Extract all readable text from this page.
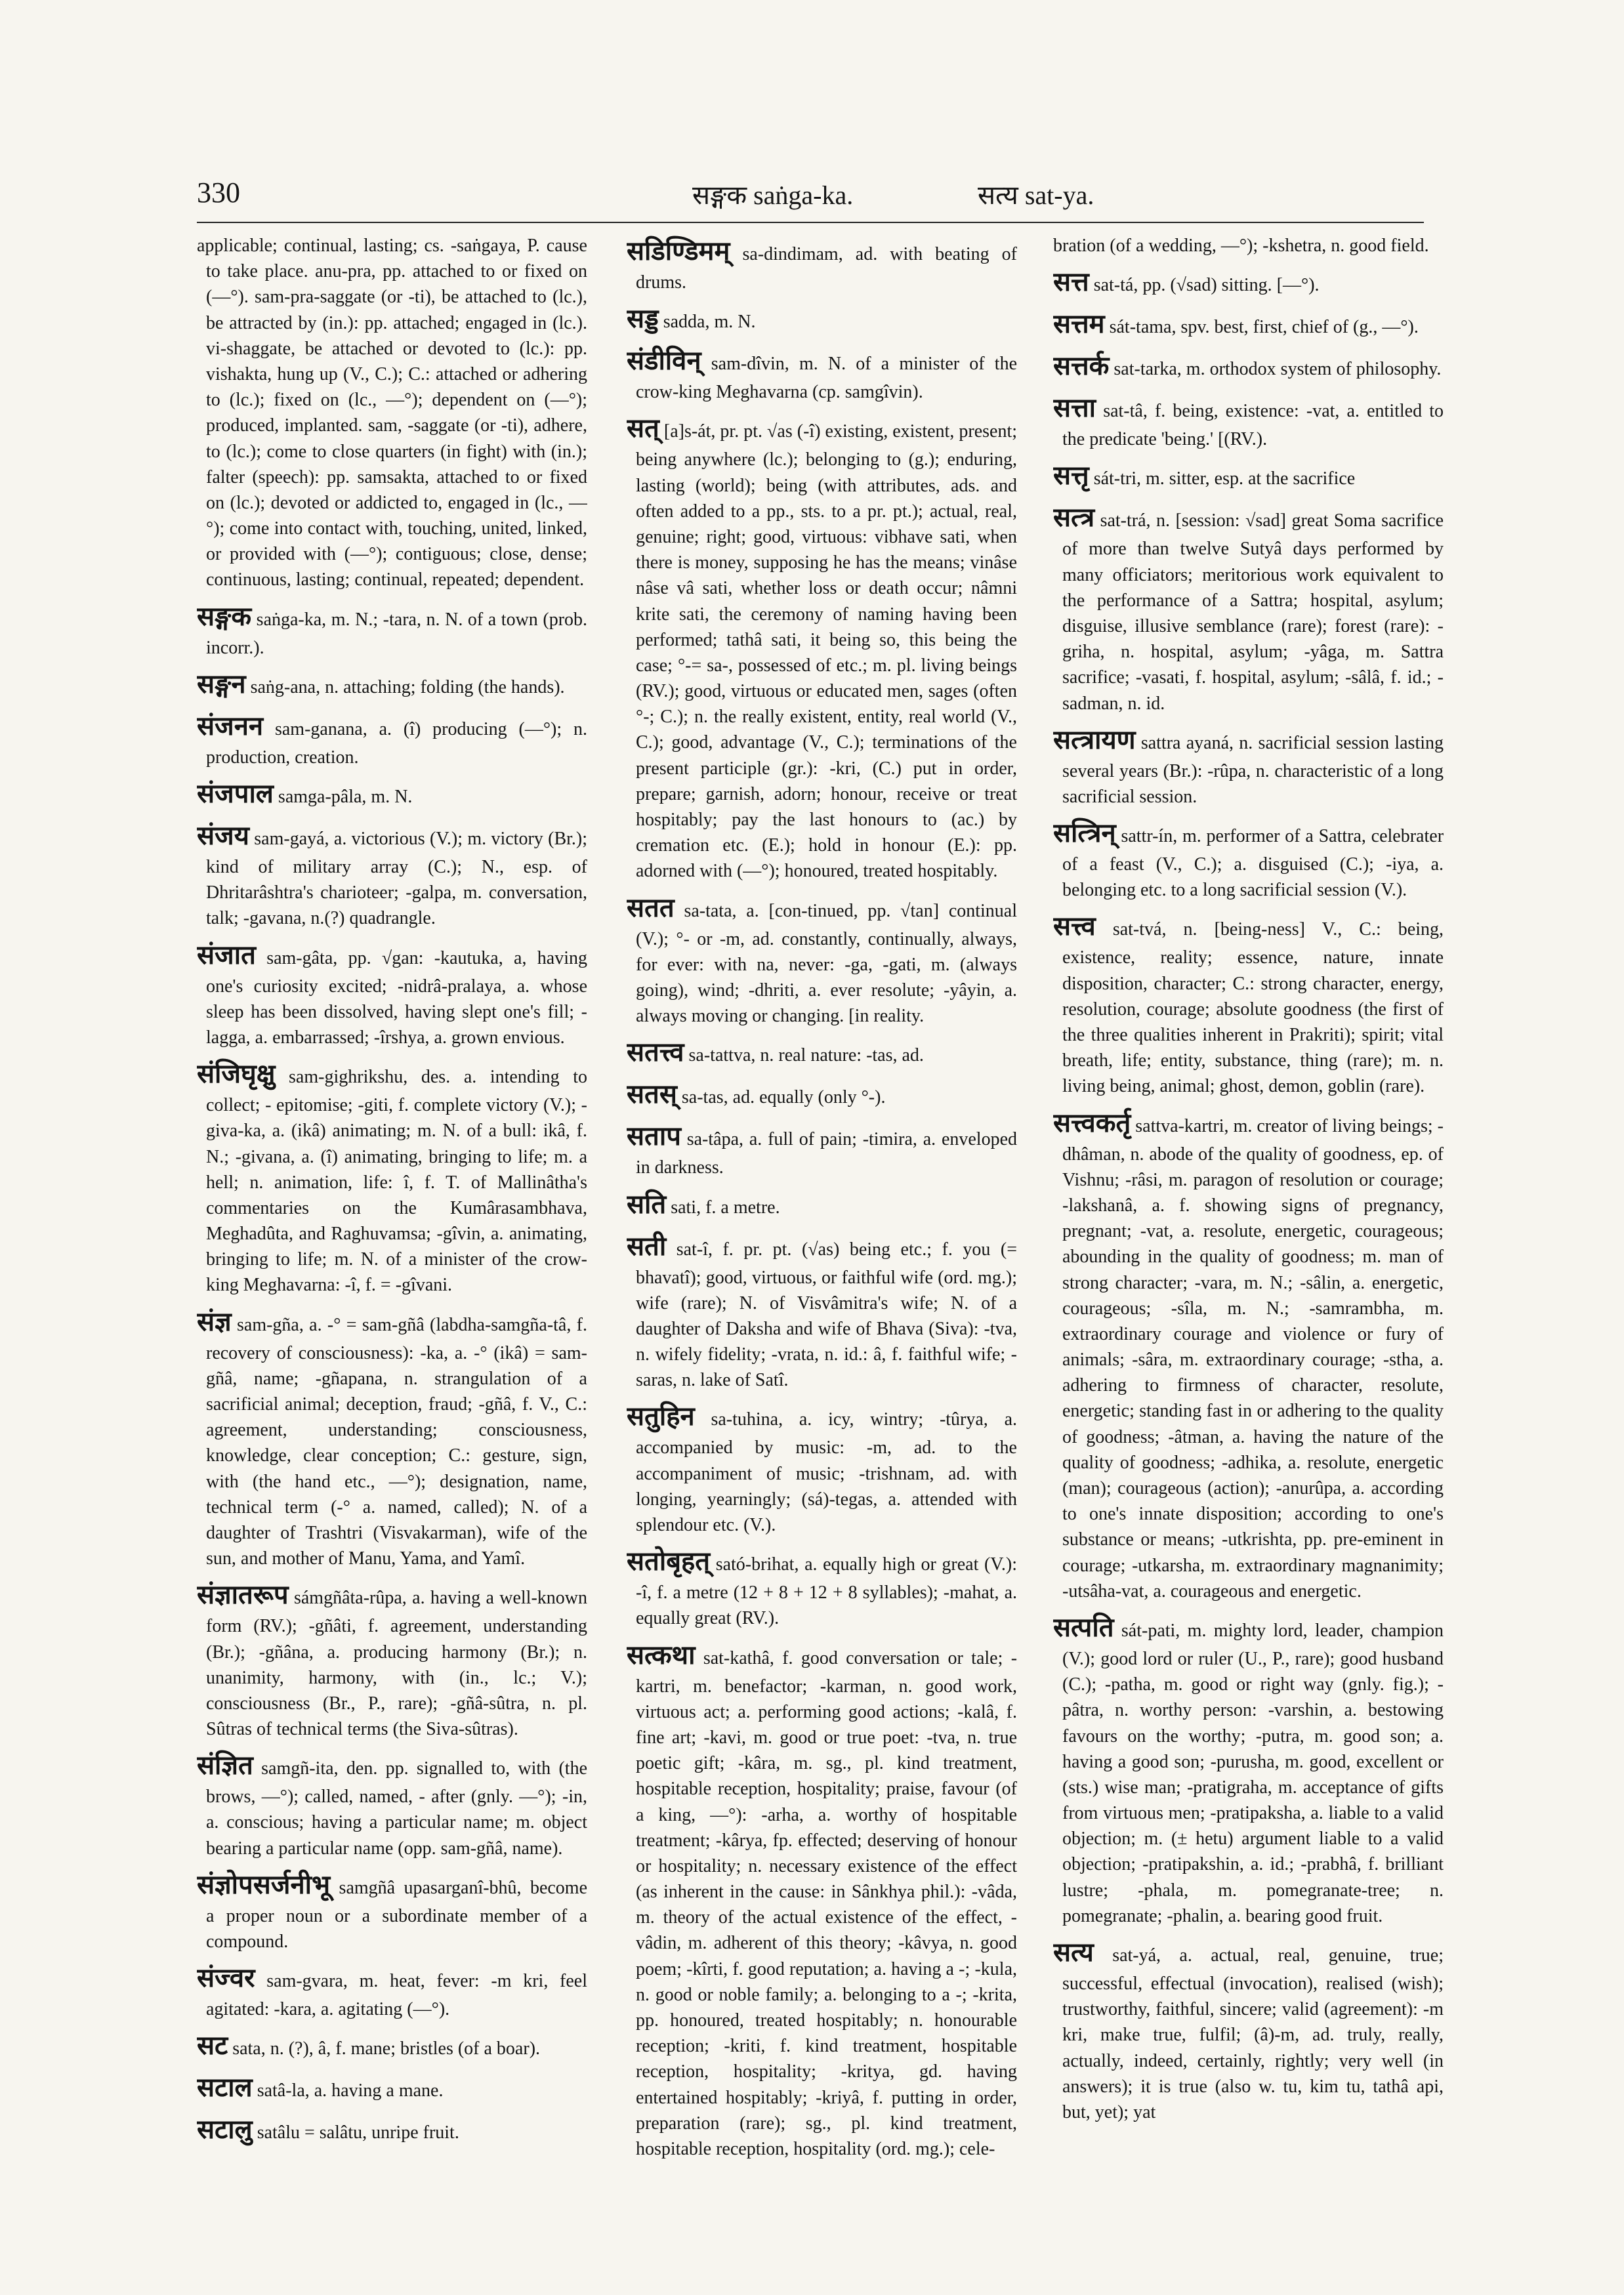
330	सङ्गक saṅga-ka.	सत्य sat-ya.

applicable; continual, lasting; cs. -saṅgaya, P. cause to take place. anu-pra, pp. attached to or fixed on (—°). sam-pra-saggate (or -ti), be attached to (lc.), be attracted by (in.): pp. attached; engaged in (lc.). vi-shaggate, be attached or devoted to (lc.): pp. vishakta, hung up (V., C.); C.: attached or adhering to (lc.); fixed on (lc., —°); dependent on (—°); produced, implanted. sam, -saggate (or -ti), adhere, to (lc.); come to close quarters (in fight) with (in.); falter (speech): pp. samsakta, attached to or fixed on (lc.); devoted or addicted to, engaged in (lc., —°); come into contact with, touching, united, linked, or provided with (—°); contiguous; close, dense; continuous, lasting; continual, repeated; dependent.

सङ्गक saṅga-ka, m. N.; -tara, n. N. of a town (prob. incorr.).

सङ्गन saṅg-ana, n. attaching; folding (the hands).

संजनन sam-ganana, a. (î) producing (—°); n. production, creation.

संजपाल samga-pâla, m. N.

संजय sam-gayá, a. victorious (V.); m. victory (Br.); kind of military array (C.); N., esp. of Dhritarâshtra's charioteer; -galpa, m. conversation, talk; -gavana, n.(?) quadrangle.

संजात sam-gâta, pp. √gan: -kautuka, a, having one's curiosity excited; -nidrâ-pralaya, a. whose sleep has been dissolved, having slept one's fill; -lagga, a. embarrassed; -îrshya, a. grown envious.

संजिघृक्षु sam-gighrikshu, des. a. intending to collect; - epitomise; -giti, f. complete victory (V.); -giva-ka, a. (ikâ) animating; m. N. of a bull: ikâ, f. N.; -givana, a. (î) animating, bringing to life; m. a hell; n. animation, life: î, f. T. of Mallinâtha's commentaries on the Kumârasambhava, Meghadûta, and Raghuvamsa; -gîvin, a. animating, bringing to life; m. N. of a minister of the crow-king Meghavarna: -î, f. = -gîvani.

संज्ञ sam-gña, a. -° = sam-gñâ (labdha-samgña-tâ, f. recovery of consciousness): -ka, a. -° (ikâ) = sam-gñâ, name; -gñapana, n. strangulation of a sacrificial animal; deception, fraud; -gñâ, f. V., C.: agreement, understanding; consciousness, knowledge, clear conception; C.: gesture, sign, with (the hand etc., —°); designation, name, technical term (-° a. named, called); N. of a daughter of Trashtri (Visvakarman), wife of the sun, and mother of Manu, Yama, and Yamî.

संज्ञातरूप sámgñâta-rûpa, a. having a well-known form (RV.); -gñâti, f. agreement, understanding (Br.); -gñâna, a. producing harmony (Br.); n. unanimity, harmony, with (in., lc.; V.); consciousness (Br., P., rare); -gñâ-sûtra, n. pl. Sûtras of technical terms (the Siva-sûtras).

संज्ञित samgñ-ita, den. pp. signalled to, with (the brows, —°); called, named, - after (gnly. —°); -in, a. conscious; having a particular name; m. object bearing a particular name (opp. sam-gñâ, name).

संज्ञोपसर्जनीभू samgñâ upasarganî-bhû, become a proper noun or a subordinate member of a compound.

संज्वर sam-gvara, m. heat, fever: -m kri, feel agitated: -kara, a. agitating (—°).

सट sata, n. (?), â, f. mane; bristles (of a boar).

सटाल satâ-la, a. having a mane.

सटालु satâlu = salâtu, unripe fruit.

सडिण्डिमम् sa-dindimam, ad. with beating of drums.

सड्ड sadda, m. N.

संडीविन् sam-dîvin, m. N. of a minister of the crow-king Meghavarna (cp. samgîvin).

सत् [a]s-át, pr. pt. √as (-î) existing, existent, present; being anywhere (lc.); belonging to (g.); enduring, lasting (world); being (with attributes, ads. and often added to a pp., sts. to a pr. pt.); actual, real, genuine; right; good, virtuous: vibhave sati, when there is money, supposing he has the means; vinâse nâse vâ sati, whether loss or death occur; nâmni krite sati, the ceremony of naming having been performed; tathâ sati, it being so, this being the case; °-= sa-, possessed of etc.; m. pl. living beings (RV.); good, virtuous or educated men, sages (often °-; C.); n. the really existent, entity, real world (V., C.); good, advantage (V., C.); terminations of the present participle (gr.): -kri, (C.) put in order, prepare; garnish, adorn; honour, receive or treat hospitably; pay the last honours to (ac.) by cremation etc. (E.); hold in honour (E.): pp. adorned with (—°); honoured, treated hospitably.

सतत sa-tata, a. [con-tinued, pp. √tan] continual (V.); °- or -m, ad. constantly, continually, always, for ever: with na, never: -ga, -gati, m. (always going), wind; -dhriti, a. ever resolute; -yâyin, a. always moving or changing. [in reality.

सतत्त्व sa-tattva, n. real nature: -tas, ad.

सतस् sa-tas, ad. equally (only °-).

सताप sa-tâpa, a. full of pain; -timira, a. enveloped in darkness.

सति sati, f. a metre.

सती sat-î, f. pr. pt. (√as) being etc.; f. you (= bhavatî); good, virtuous, or faithful wife (ord. mg.); wife (rare); N. of Visvâmitra's wife; N. of a daughter of Daksha and wife of Bhava (Siva): -tva, n. wifely fidelity; -vrata, n. id.: â, f. faithful wife; -saras, n. lake of Satî.

सतुहिन sa-tuhina, a. icy, wintry; -tûrya, a. accompanied by music: -m, ad. to the accompaniment of music; -trishnam, ad. with longing, yearningly; (sá)-tegas, a. attended with splendour etc. (V.).

सतोबृहत् sató-brihat, a. equally high or great (V.): -î, f. a metre (12 + 8 + 12 + 8 syllables); -mahat, a. equally great (RV.).

सत्कथा sat-kathâ, f. good conversation or tale; -kartri, m. benefactor; -karman, n. good work, virtuous act; a. performing good actions; -kalâ, f. fine art; -kavi, m. good or true poet: -tva, n. true poetic gift; -kâra, m. sg., pl. kind treatment, hospitable reception, hospitality; praise, favour (of a king, —°): -arha, a. worthy of hospitable treatment; -kârya, fp. effected; deserving of honour or hospitality; n. necessary existence of the effect (as inherent in the cause: in Sânkhya phil.): -vâda, m. theory of the actual existence of the effect, -vâdin, m. adherent of this theory; -kâvya, n. good poem; -kîrti, f. good reputation; a. having a -; -kula, n. good or noble family; a. belonging to a -; -krita, pp. honoured, treated hospitably; n. honourable reception; -kriti, f. kind treatment, hospitable reception, hospitality; -kritya, gd. having entertained hospitably; -kriyâ, f. putting in order, preparation (rare); sg., pl. kind treatment, hospitable reception, hospitality (ord. mg.); cele-

bration (of a wedding, —°); -kshetra, n. good field.

सत्त sat-tá, pp. (√sad) sitting. [—°).

सत्तम sát-tama, spv. best, first, chief of (g., —°).

सत्तर्क sat-tarka, m. orthodox system of philosophy.

सत्ता sat-tâ, f. being, existence: -vat, a. entitled to the predicate 'being.' [(RV.).

सत्तृ sát-tri, m. sitter, esp. at the sacrifice

सत्त्र sat-trá, n. [session: √sad] great Soma sacrifice of more than twelve Sutyâ days performed by many officiators; meritorious work equivalent to the performance of a Sattra; hospital, asylum; disguise, illusive semblance (rare); forest (rare): -griha, n. hospital, asylum; -yâga, m. Sattra sacrifice; -vasati, f. hospital, asylum; -sâlâ, f. id.; -sadman, n. id.

सत्त्रायण sattra ayaná, n. sacrificial session lasting several years (Br.): -rûpa, n. characteristic of a long sacrificial session.

सत्त्रिन् sattr-ín, m. performer of a Sattra, celebrater of a feast (V., C.); a. disguised (C.); -iya, a. belonging etc. to a long sacrificial session (V.).

सत्त्व sat-tvá, n. [being-ness] V., C.: being, existence, reality; essence, nature, innate disposition, character; C.: strong character, energy, resolution, courage; absolute goodness (the first of the three qualities inherent in Prakriti); spirit; vital breath, life; entity, substance, thing (rare); m. n. living being, animal; ghost, demon, goblin (rare).

सत्त्वकर्तृ sattva-kartri, m. creator of living beings; -dhâman, n. abode of the quality of goodness, ep. of Vishnu; -râsi, m. paragon of resolution or courage; -lakshanâ, a. f. showing signs of pregnancy, pregnant; -vat, a. resolute, energetic, courageous; abounding in the quality of goodness; m. man of strong character; -vara, m. N.; -sâlin, a. energetic, courageous; -sîla, m. N.; -samrambha, m. extraordinary courage and violence or fury of animals; -sâra, m. extraordinary courage; -stha, a. adhering to firmness of character, resolute, energetic; standing fast in or adhering to the quality of goodness; -âtman, a. having the nature of the quality of goodness; -adhika, a. resolute, energetic (man); courageous (action); -anurûpa, a. according to one's innate disposition; according to one's substance or means; -utkrishta, pp. pre-eminent in courage; -utkarsha, m. extraordinary magnanimity; -utsâha-vat, a. courageous and energetic.

सत्पति sát-pati, m. mighty lord, leader, champion (V.); good lord or ruler (U., P., rare); good husband (C.); -patha, m. good or right way (gnly. fig.); -pâtra, n. worthy person: -varshin, a. bestowing favours on the worthy; -putra, m. good son; a. having a good son; -purusha, m. good, excellent or (sts.) wise man; -pratigraha, m. acceptance of gifts from virtuous men; -pratipaksha, a. liable to a valid objection; m. (± hetu) argument liable to a valid objection; -pratipakshin, a. id.; -prabhâ, f. brilliant lustre; -phala, m. pomegranate-tree; n. pomegranate; -phalin, a. bearing good fruit.

सत्य sat-yá, a. actual, real, genuine, true; successful, effectual (invocation), realised (wish); trustworthy, faithful, sincere; valid (agreement): -m kri, make true, fulfil; (â)-m, ad. truly, really, actually, indeed, certainly, rightly; very well (in answers); it is true (also w. tu, kim tu, tathâ api, but, yet); yat
